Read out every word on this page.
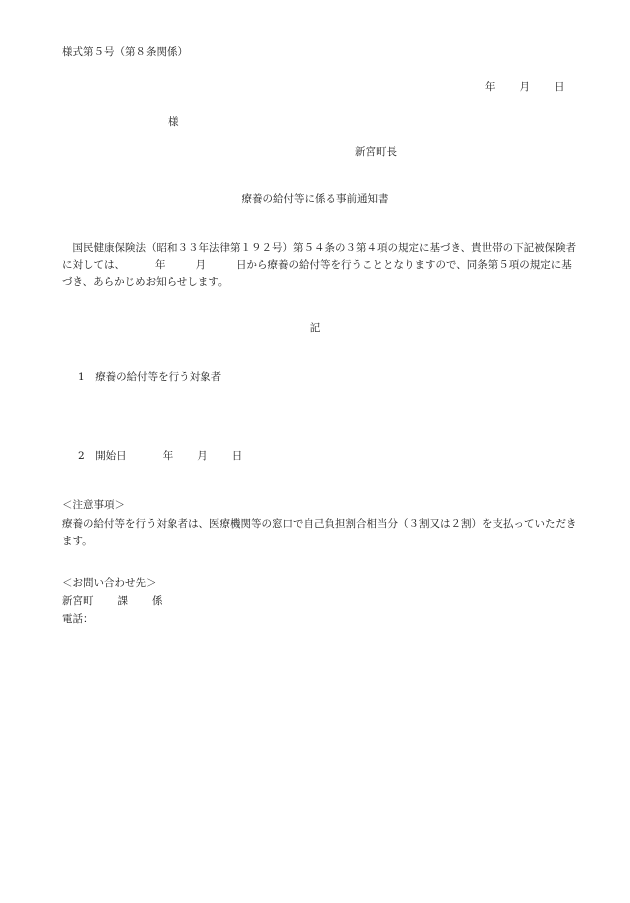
様式第５号（第８条関係）
年 月 日
様
新宮町長
療養の給付等に係る事前通知書
　国民健康保険法（昭和３３年法律第１９２号）第５４条の３第４項の規定に基づき、貴世帯の下記被保険者に対しては、	年	月	日から療養の給付等を行うこととなりますので、同条第５項の規定に基づき、あらかじめお知らせします。
記
1　 療養の給付等を行う対象者
2　 開始日	年 月 日
＜注意事項＞
療養の給付等を行う対象者は、医療機関等の窓口で自己負担割合相当分（３割又は２割）を支払っていただきます。
＜お問い合わせ先＞
新宮町 課 係
電話：
